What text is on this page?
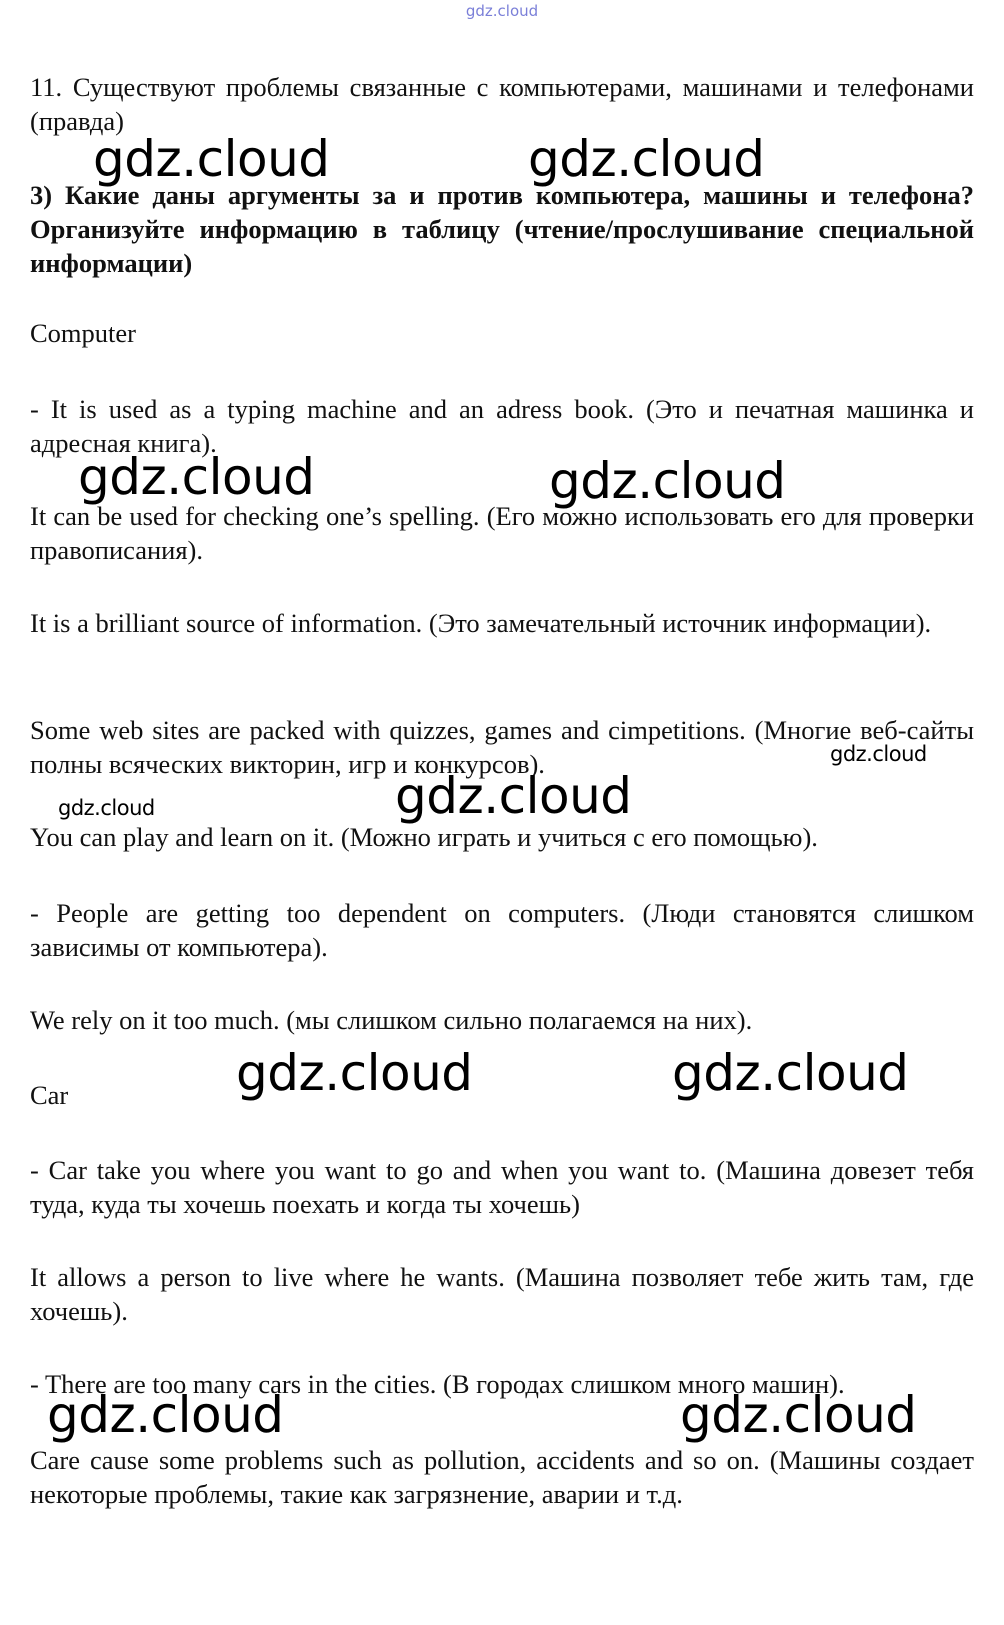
gdz.cloud

11. Существуют проблемы связанные с компьютерами, машинами и телефонами (правда)

3) Какие даны аргументы за и против компьютера, машины и телефона? Организуйте информацию в таблицу (чтение/прослушивание специальной информации)

Computer

- It is used as a typing machine and an adress book. (Это и печатная машинка и адресная книга).

It can be used for checking one’s spelling. (Его можно использовать его для проверки правописания).

It is a brilliant source of information. (Это замечательный источник информации).

Some web sites are packed with quizzes, games and cimpetitions. (Многие веб-сайты полны всяческих викторин, игр и конкурсов).

You can play and learn on it. (Можно играть и учиться с его помощью).

- People are getting too dependent on computers. (Люди становятся слишком зависимы от компьютера).

We rely on it too much. (мы слишком сильно полагаемся на них).

Car

- Car take you where you want to go and when you want to. (Машина довезет тебя туда, куда ты хочешь поехать и когда ты хочешь)

It allows a person to live where he wants. (Машина позволяет тебе жить там, где хочешь).

- There are too many cars in the cities. (В городах слишком много машин).

Care cause some problems such as pollution, accidents and so on. (Машины создает некоторые проблемы, такие как загрязнение, аварии и т.д.

gdz.cloud	gdz.cloud
gdz.cloud	gdz.cloud
gdz.cloud
gdz.cloud
gdz.cloud
gdz.cloud	gdz.cloud
gdz.cloud	gdz.cloud
